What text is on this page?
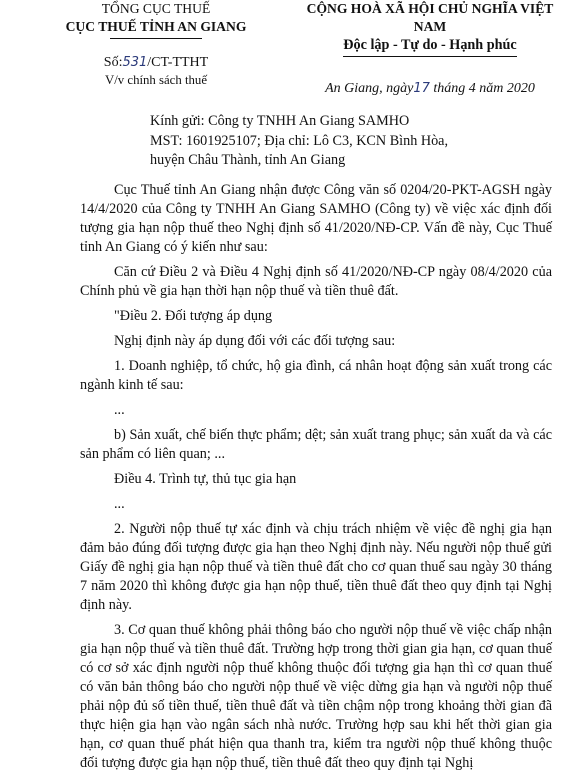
TỔNG CỤC THUẾ
CỤC THUẾ TỈNH AN GIANG
Số:531/CT-TTHT
V/v chính sách thuế
CỘNG HOÀ XÃ HỘI CHỦ NGHĨA VIỆT NAM
Độc lập - Tự do - Hạnh phúc
An Giang, ngày17 tháng 4 năm 2020
Kính gửi: Công ty TNHH An Giang SAMHO
MST: 1601925107; Địa chỉ: Lô C3, KCN Bình Hòa,
huyện Châu Thành, tỉnh An Giang

Cục Thuế tỉnh An Giang nhận được Công văn số 0204/20-PKT-AGSH ngày 14/4/2020 của Công ty TNHH An Giang SAMHO (Công ty) về việc xác định đối tượng gia hạn nộp thuế theo Nghị định số 41/2020/NĐ-CP. Vấn đề này, Cục Thuế tỉnh An Giang có ý kiến như sau:

Căn cứ Điều 2 và Điều 4 Nghị định số 41/2020/NĐ-CP ngày 08/4/2020 của Chính phủ về gia hạn thời hạn nộp thuế và tiền thuê đất.

"Điều 2. Đối tượng áp dụng

Nghị định này áp dụng đối với các đối tượng sau:

1. Doanh nghiệp, tổ chức, hộ gia đình, cá nhân hoạt động sản xuất trong các ngành kinh tế sau:

...

b) Sản xuất, chế biến thực phẩm; dệt; sản xuất trang phục; sản xuất da và các sản phẩm có liên quan; ...

Điều 4. Trình tự, thủ tục gia hạn

...

2. Người nộp thuế tự xác định và chịu trách nhiệm về việc đề nghị gia hạn đảm bảo đúng đối tượng được gia hạn theo Nghị định này. Nếu người nộp thuế gửi Giấy đề nghị gia hạn nộp thuế và tiền thuê đất cho cơ quan thuế sau ngày 30 tháng 7 năm 2020 thì không được gia hạn nộp thuế, tiền thuê đất theo quy định tại Nghị định này.

3. Cơ quan thuế không phải thông báo cho người nộp thuế về việc chấp nhận gia hạn nộp thuế và tiền thuê đất. Trường hợp trong thời gian gia hạn, cơ quan thuế có cơ sở xác định người nộp thuế không thuộc đối tượng gia hạn thì cơ quan thuế có văn bản thông báo cho người nộp thuế về việc dừng gia hạn và người nộp thuế phải nộp đủ số tiền thuế, tiền thuê đất và tiền chậm nộp trong khoảng thời gian đã thực hiện gia hạn vào ngân sách nhà nước. Trường hợp sau khi hết thời gian gia hạn, cơ quan thuế phát hiện qua thanh tra, kiểm tra người nộp thuế không thuộc đối tượng được gia hạn nộp thuế, tiền thuê đất theo quy định tại Nghị
